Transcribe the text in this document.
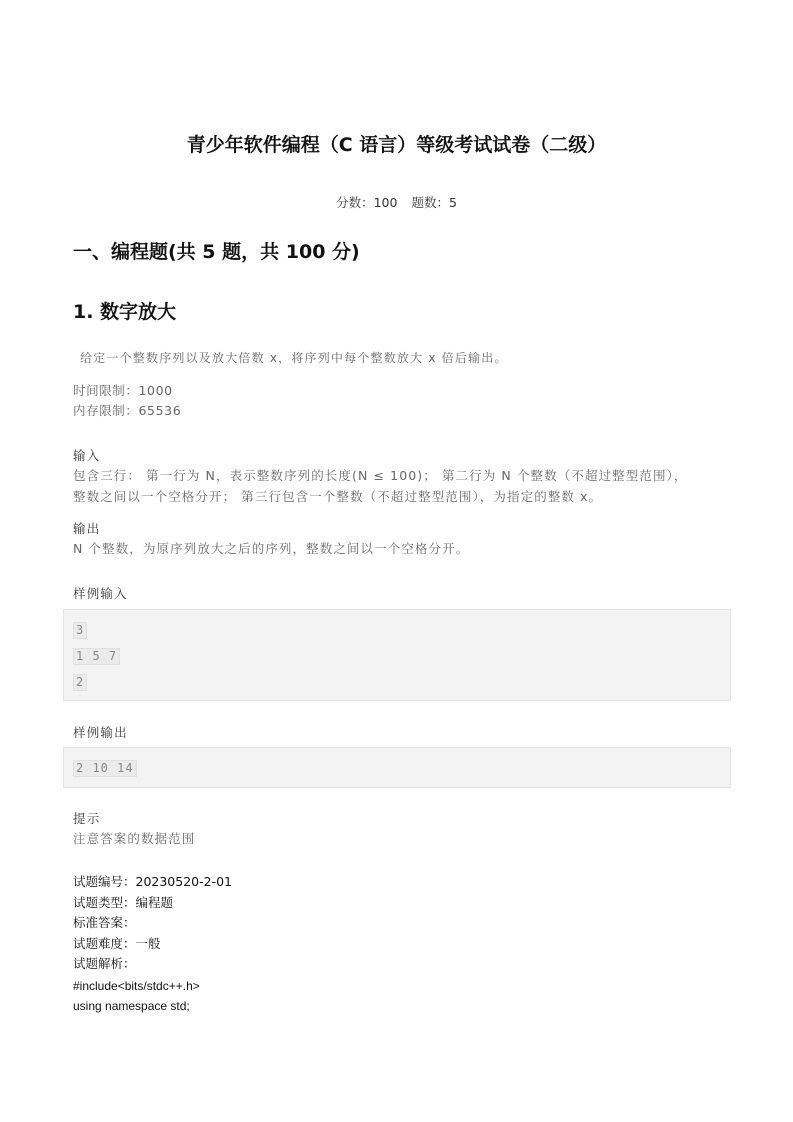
青少年软件编程（C 语言）等级考试试卷（二级）
分数：100 题数：5
一、编程题(共 5 题，共 100 分)
1. 数字放大
给定一个整数序列以及放大倍数 x，将序列中每个整数放大 x 倍后输出。
时间限制：1000
内存限制：65536
输入
包含三行： 第一行为 N，表示整数序列的长度(N ≤ 100)； 第二行为 N 个整数（不超过整型范围），
整数之间以一个空格分开； 第三行包含一个整数（不超过整型范围），为指定的整数 x。
输出
N 个整数，为原序列放大之后的序列，整数之间以一个空格分开。
样例输入
3
1 5 7
2
样例输出
2 10 14
提示
注意答案的数据范围
试题编号：20230520-2-01
试题类型：编程题
标准答案：
试题难度：一般
试题解析：
#include<bits/stdc++.h>
using namespace std;
